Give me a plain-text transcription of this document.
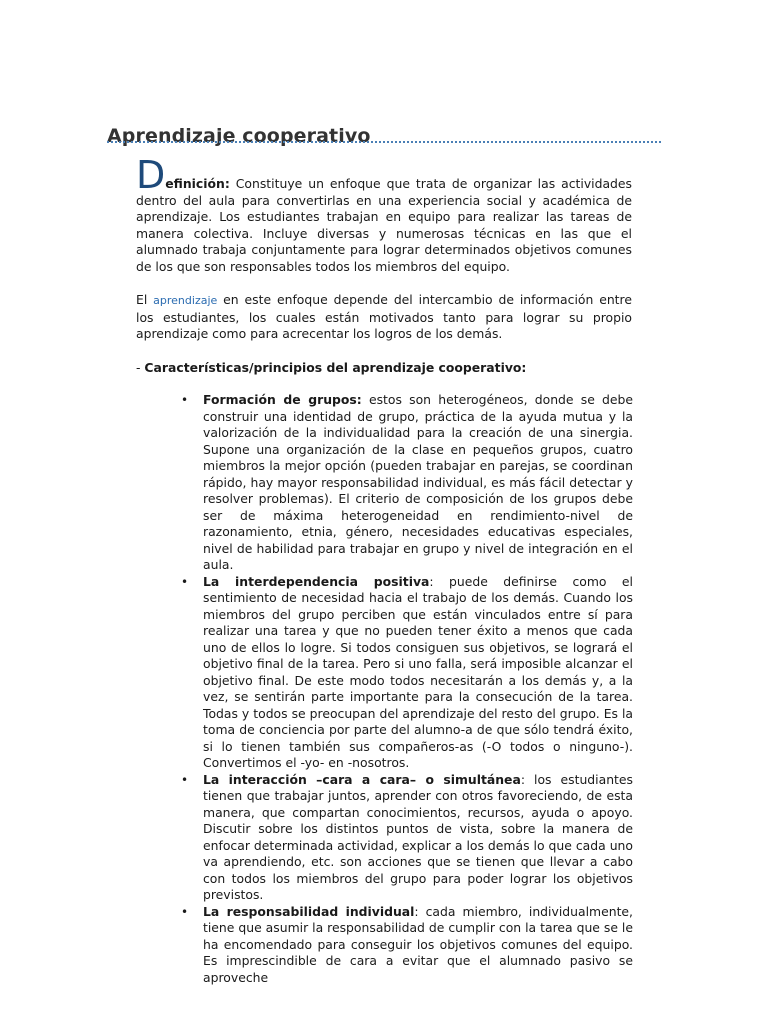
Aprendizaje cooperativo

Definición: Constituye un enfoque que trata de organizar las actividades dentro del aula para convertirlas en una experiencia social y académica de aprendizaje. Los estudiantes trabajan en equipo para realizar las tareas de manera colectiva. Incluye diversas y numerosas técnicas en las que el alumnado trabaja conjuntamente para lograr determinados objetivos comunes de los que son responsables todos los miembros del equipo.

El aprendizaje en este enfoque depende del intercambio de información entre los estudiantes, los cuales están motivados tanto para lograr su propio aprendizaje como para acrecentar los logros de los demás.

- Características/principios del aprendizaje cooperativo:

• Formación de grupos: estos son heterogéneos, donde se debe construir una identidad de grupo, práctica de la ayuda mutua y la valorización de la individualidad para la creación de una sinergia. Supone una organización de la clase en pequeños grupos, cuatro miembros la mejor opción (pueden trabajar en parejas, se coordinan rápido, hay mayor responsabilidad individual, es más fácil detectar y resolver problemas). El criterio de composición de los grupos debe ser de máxima heterogeneidad en rendimiento-nivel de razonamiento, etnia, género, necesidades educativas especiales, nivel de habilidad para trabajar en grupo y nivel de integración en el aula.

• La interdependencia positiva: puede definirse como el sentimiento de necesidad hacia el trabajo de los demás. Cuando los miembros del grupo perciben que están vinculados entre sí para realizar una tarea y que no pueden tener éxito a menos que cada uno de ellos lo logre. Si todos consiguen sus objetivos, se logrará el objetivo final de la tarea. Pero si uno falla, será imposible alcanzar el objetivo final. De este modo todos necesitarán a los demás y, a la vez, se sentirán parte importante para la consecución de la tarea. Todas y todos se preocupan del aprendizaje del resto del grupo. Es la toma de conciencia por parte del alumno-a de que sólo tendrá éxito, si lo tienen también sus compañeros-as (-O todos o ninguno-). Convertimos el -yo- en -nosotros.

• La interacción –cara a cara– o simultánea: los estudiantes tienen que trabajar juntos, aprender con otros favoreciendo, de esta manera, que compartan conocimientos, recursos, ayuda o apoyo. Discutir sobre los distintos puntos de vista, sobre la manera de enfocar determinada actividad, explicar a los demás lo que cada uno va aprendiendo, etc. son acciones que se tienen que llevar a cabo con todos los miembros del grupo para poder lograr los objetivos previstos.

• La responsabilidad individual: cada miembro, individualmente, tiene que asumir la responsabilidad de cumplir con la tarea que se le ha encomendado para conseguir los objetivos comunes del equipo. Es imprescindible de cara a evitar que el alumnado pasivo se aproveche
